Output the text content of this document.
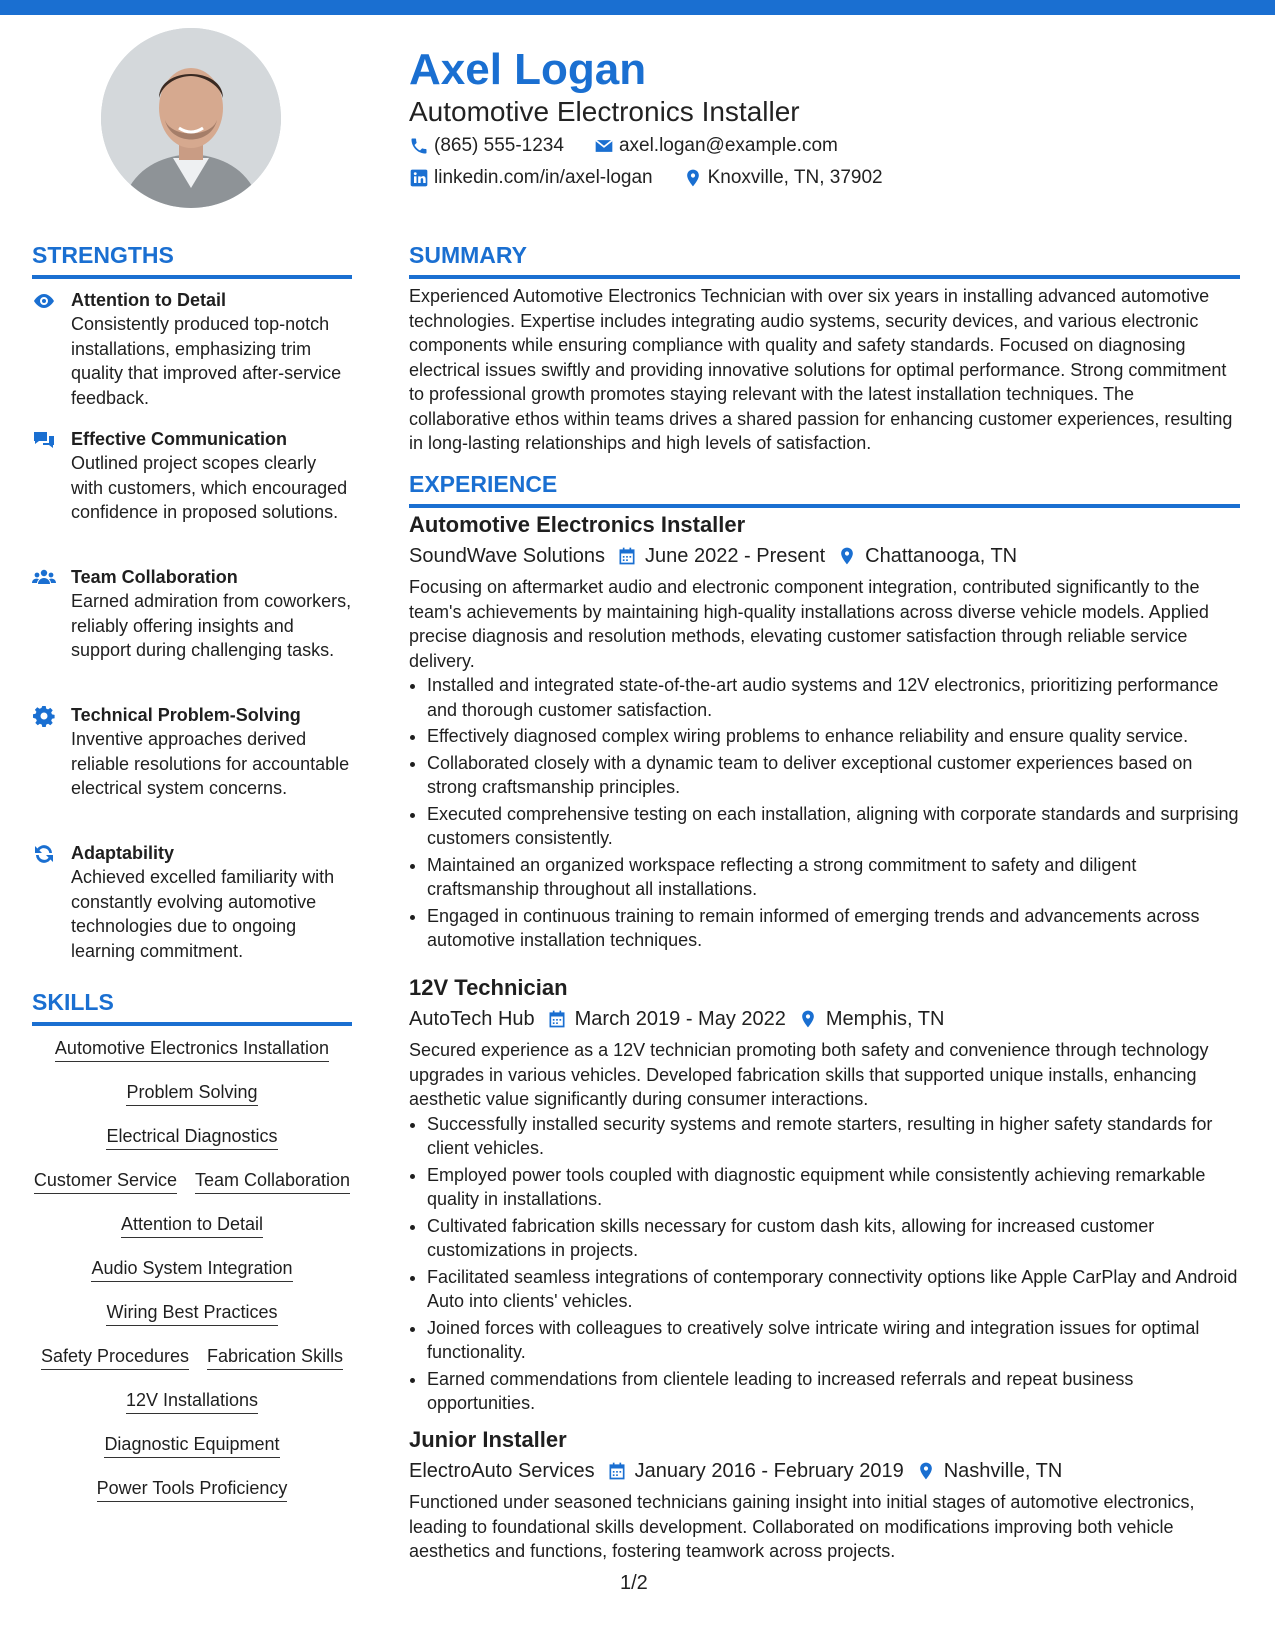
Axel Logan
Automotive Electronics Installer
(865) 555-1234	axel.logan@example.com
linkedin.com/in/axel-logan	Knoxville, TN, 37902
STRENGTHS
Attention to Detail
Consistently produced top-notch installations, emphasizing trim quality that improved after-service feedback.
Effective Communication
Outlined project scopes clearly with customers, which encouraged confidence in proposed solutions.
Team Collaboration
Earned admiration from coworkers, reliably offering insights and support during challenging tasks.
Technical Problem-Solving
Inventive approaches derived reliable resolutions for accountable electrical system concerns.
Adaptability
Achieved excelled familiarity with constantly evolving automotive technologies due to ongoing learning commitment.
SKILLS
Automotive Electronics Installation
Problem Solving
Electrical Diagnostics
Customer Service Team Collaboration
Attention to Detail
Audio System Integration
Wiring Best Practices
Safety Procedures Fabrication Skills
12V Installations
Diagnostic Equipment
Power Tools Proficiency
SUMMARY

Experienced Automotive Electronics Technician with over six years in installing advanced automotive technologies. Expertise includes integrating audio systems, security devices, and various electronic components while ensuring compliance with quality and safety standards. Focused on diagnosing electrical issues swiftly and providing innovative solutions for optimal performance. Strong commitment to professional growth promotes staying relevant with the latest installation techniques. The collaborative ethos within teams drives a shared passion for enhancing customer experiences, resulting in long-lasting relationships and high levels of satisfaction.

EXPERIENCE
Automotive Electronics Installer
SoundWave Solutions June 2022 - Present Chattanooga, TN

Focusing on aftermarket audio and electronic component integration, contributed significantly to the team's achievements by maintaining high-quality installations across diverse vehicle models. Applied precise diagnosis and resolution methods, elevating customer satisfaction through reliable service delivery.

• Installed and integrated state-of-the-art audio systems and 12V electronics, prioritizing performance and thorough customer satisfaction.
• Effectively diagnosed complex wiring problems to enhance reliability and ensure quality service.
• Collaborated closely with a dynamic team to deliver exceptional customer experiences based on strong craftsmanship principles.
• Executed comprehensive testing on each installation, aligning with corporate standards and surprising customers consistently.
• Maintained an organized workspace reflecting a strong commitment to safety and diligent craftsmanship throughout all installations.
• Engaged in continuous training to remain informed of emerging trends and advancements across automotive installation techniques.
12V Technician
AutoTech Hub March 2019 - May 2022 Memphis, TN

Secured experience as a 12V technician promoting both safety and convenience through technology upgrades in various vehicles. Developed fabrication skills that supported unique installs, enhancing aesthetic value significantly during consumer interactions.

• Successfully installed security systems and remote starters, resulting in higher safety standards for client vehicles.
• Employed power tools coupled with diagnostic equipment while consistently achieving remarkable quality in installations.
• Cultivated fabrication skills necessary for custom dash kits, allowing for increased customer customizations in projects.
• Facilitated seamless integrations of contemporary connectivity options like Apple CarPlay and Android Auto into clients' vehicles.
• Joined forces with colleagues to creatively solve intricate wiring and integration issues for optimal functionality.
• Earned commendations from clientele leading to increased referrals and repeat business opportunities.
Junior Installer
ElectroAuto Services January 2016 - February 2019 Nashville, TN

Functioned under seasoned technicians gaining insight into initial stages of automotive electronics, leading to foundational skills development. Collaborated on modifications improving both vehicle aesthetics and functions, fostering teamwork across projects.

1/2
